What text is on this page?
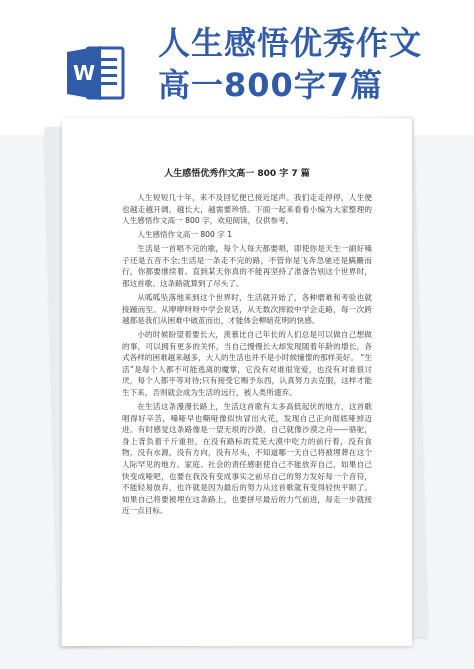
W
人生感悟优秀作文
高一800字7篇
人生感悟优秀作文高一 800 字 7 篇

人生短短几十年，来不及回忆便已接近尾声。我们走走停停，人生便也越走越开阔，越长大，越需要珍惜。下面一起来看看小编为大家整理的人生感悟作文高一 800 字，欢迎阅读，仅供参考。

人生感悟作文高一 800 字 1

生活是一首唱不完的歌，每个人每天都要唱，即使你是天生一副好嗓子还是五音不全;生活是一条走不完的路，不管你是飞奔急驰还是蹒跚而行，你都要继续着。直到某天你真的不能再坚持了准备告别这个世界时，那这首歌、这条路就算到了尽头了。

从呱呱坠落地来到这个世界时，生活就开始了，各种磨难和考验也就接踵而至。从咿咿呀呀中学会说话，从无数次摔跤中学会走路，每一次跨越都是我们从困难中破茧而出，才能体会柳暗花明的快感。

小的时候盼望着要长大，羡慕比自己年长的人们总是可以做自己想做的事，可以拥有更多的关怀，当自己慢慢长大却发现随着年龄的增长，各式各样的困难越来越多，大人的生活也并不是小时候憧憬的那样美好。 “生活”是每个人都不可能逃离的魔掌，它没有对谁很宠爱，也没有对谁很讨厌，每个人都平等对待;只有接受它赐予东西，认真努力去克服，这样才能生下来，否则就会成为生活的远行，被人类所遗弃。

在生活这条漫漫长路上，生活这首歌有太多高低起伏的地方，这首歌唱得好辛苦，嗓哑早也嘶哑像似快冒出火花，发现自己正向彻底哑掉迈进。有时感觉这条路像是一望无垠的沙漠，自己就像沙漠之舟——骆驼，身上背负着千斤重担，在没有路标的荒芜大漠中吃力的前行着，没有食物，没有水源，没有方向，没有尽头，不知道哪一天自己将被埋葬在这个人际罕见的地方。家庭、社会的责任感驱使自己不能放弃自己，如果自己快变成哑吧，也要在我没有变成事实之前尽自己的努力发好每一个音符，不能轻易放弃，也许就是因为最后的努力从这首歌就有变得轻快平顺了。 如果自己将要被埋在这条路上，也要拼尽最后的力气前进，每走一步就接近一点目标。
